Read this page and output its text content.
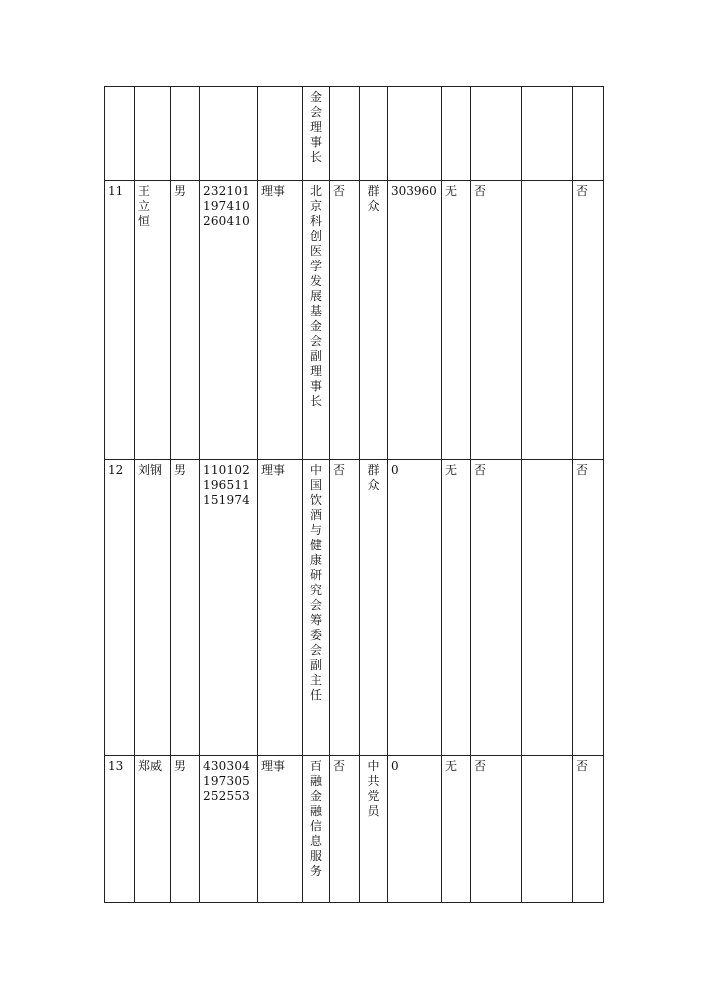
					金会理事长							
11	王立恒	男	232101197410260410	理事	北京科创医学发展基金会副理事长	否	群众	303960	无	否		否
12	刘钢	男	110102196511151974	理事	中国饮酒与健康研究会筹委会副主任	否	群众	0	无	否		否
13	郑威	男	430304197305252553	理事	百融金融信息服务	否	中共党员	0	无	否		否
